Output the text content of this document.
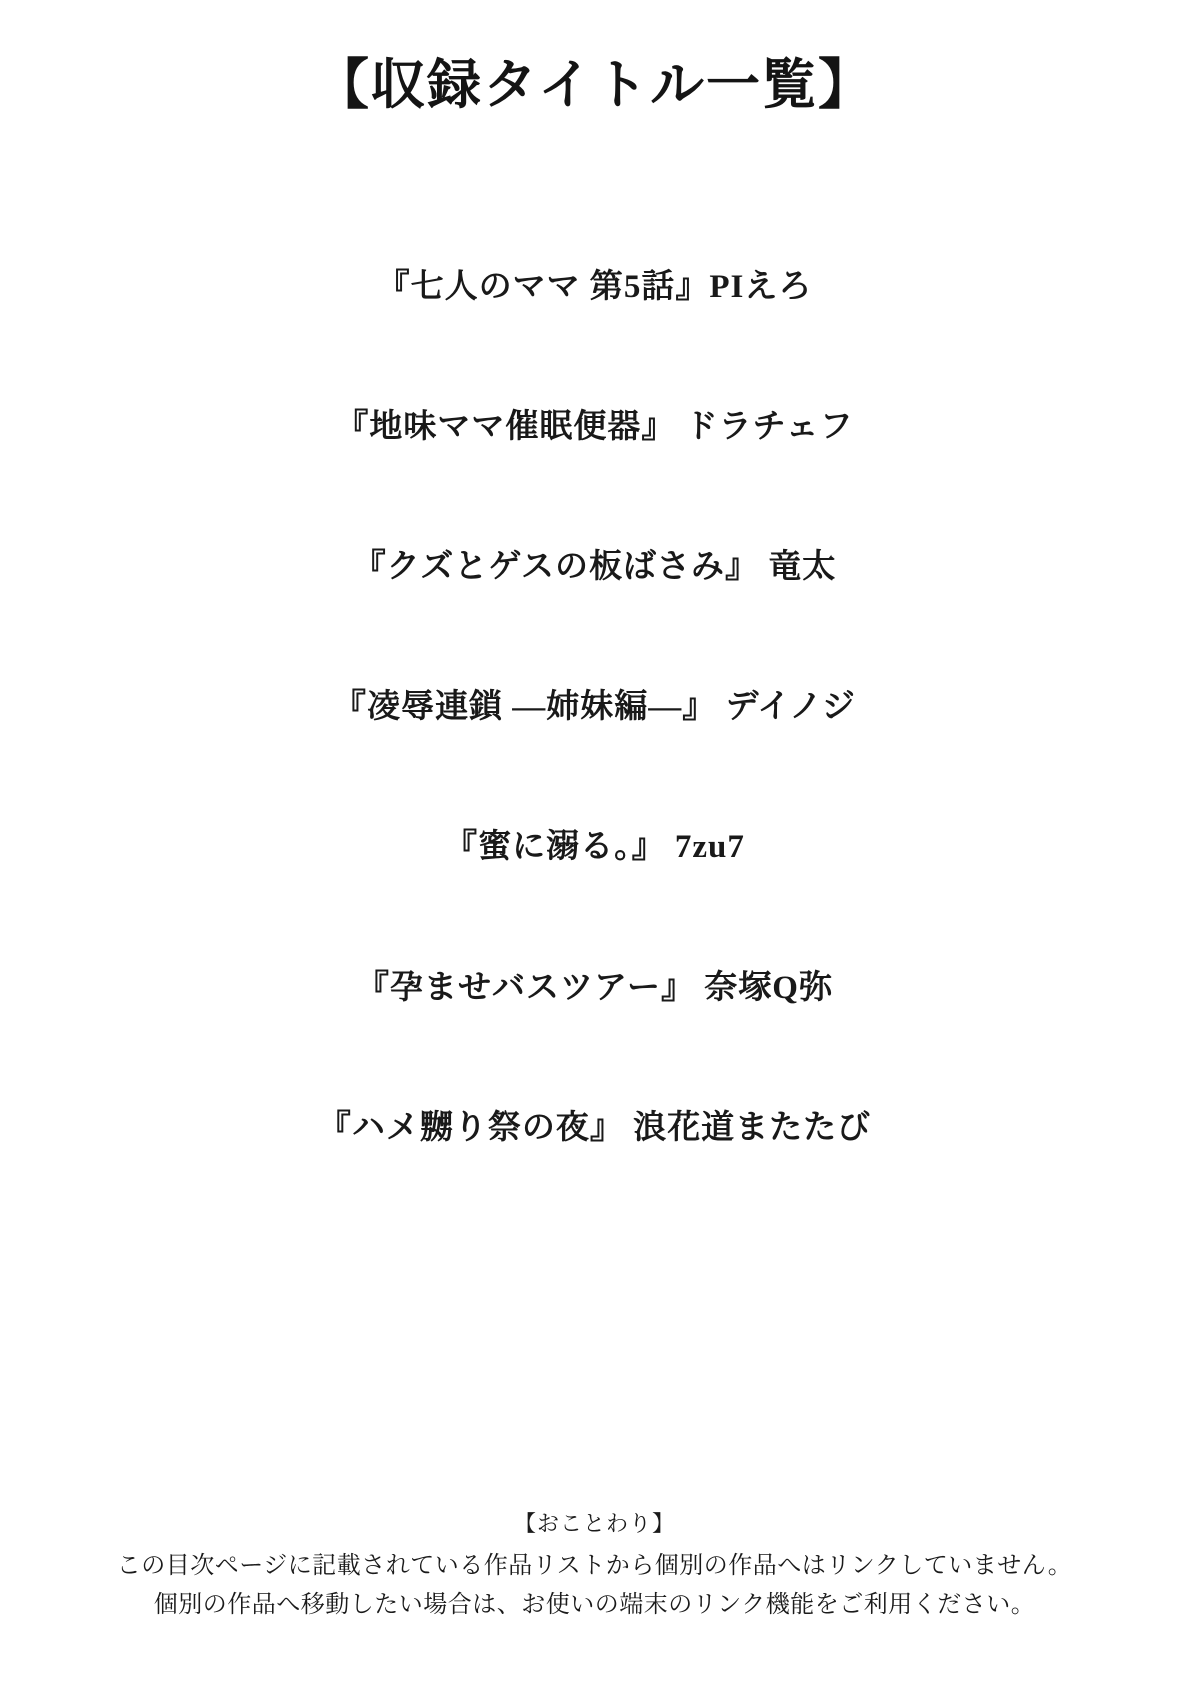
【収録タイトル一覧】
『七人のママ 第5話』PIえろ
『地味ママ催眠便器』 ドラチェフ
『クズとゲスの板ばさみ』 竜太
『凌辱連鎖 ―姉妹編―』 デイノジ
『蜜に溺る。』 7zu7
『孕ませバスツアー』 奈塚Q弥
『ハメ嬲り祭の夜』 浪花道またたび
【おことわり】
この目次ページに記載されている作品リストから個別の作品へはリンクしていません。
個別の作品へ移動したい場合は、お使いの端末のリンク機能をご利用ください。
